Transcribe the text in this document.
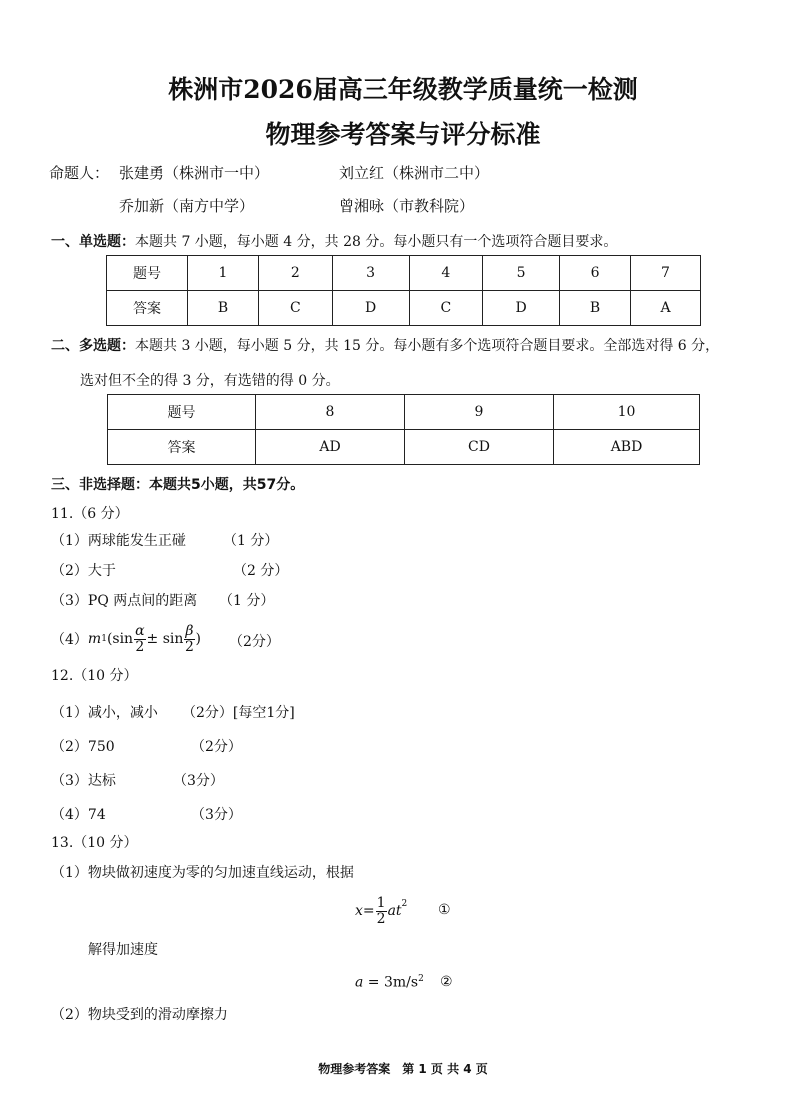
株洲市2026届高三年级教学质量统一检测
物理参考答案与评分标准
命题人： 张建勇（株洲市一中）	刘立红（株洲市二中）
乔加新（南方中学）	曾湘咏（市教科院）
一、单选题：本题共 7 小题，每小题 4 分，共 28 分。每小题只有一个选项符合题目要求。
题号	1	2	3	4	5	6	7
答案	B	C	D	C	D	B	A
二、多选题：本题共 3 小题，每小题 5 分，共 15 分。每小题有多个选项符合题目要求。全部选对得 6 分，
选对但不全的得 3 分，有选错的得 0 分。
题号	8	9	10
答案	AD	CD	ABD
三、非选择题：本题共5小题，共57分。
11.（6 分）
（1）两球能发生正碰	（1 分）
（2）大于	（2 分）
（3）PQ 两点间的距离 （1 分）
（4） m 1 ($\sin \frac{\alpha}{2} \pm \sin \frac{\beta}{2}$ ) （2分）
12.（10 分）
（1）减小，减小 （2分）[每空1分]
（2）750	（2分）
（3）达标	（3分）
（4）74	（3分）
13.（10 分）
（1）物块做初速度为零的匀加速直线运动，根据
$x = \frac{1}{2} at^2$ ①
解得加速度
$a = 3m/s^2$ ②
（2）物块受到的滑动摩擦力
物理参考答案　第 1 页 共 4 页
